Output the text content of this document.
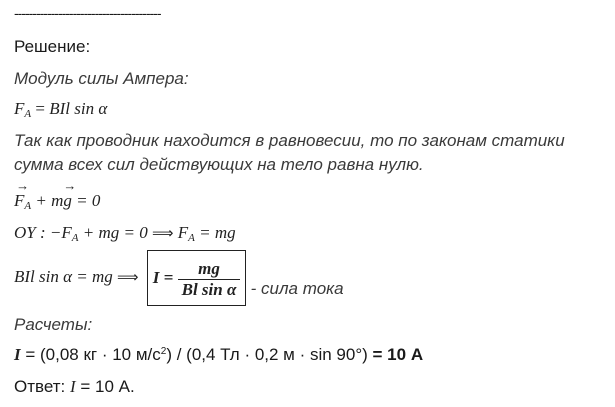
----------------------------------------
Решение:
Модуль силы Ампера:
$F_A$ = BIl sin α
Так как проводник находится в равновесии, то по законам статики
сумма всех сил действующих на тело равна нулю.
→ $F_A + m\to g = 0$
OY : $-F_A$ + mg = 0 ⟹ $F_A$ = mg
BIl sin α = mg ⟹ $I = \frac{mg}{\text{Bl sin α}}$ - сила тока
Расчеты:
I = (0,08 кг · 10 $м/с^2) / (0,4$ Тл · 0,2 м · sin 90°) = 10 А
Ответ: I = 10 А.
